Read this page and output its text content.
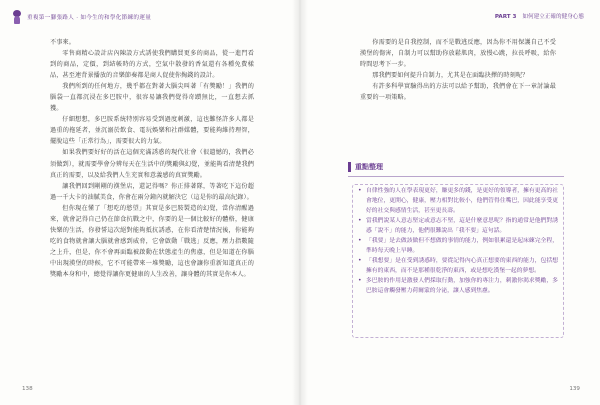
重複第一腳張路人 · 如今生的和學化節練的運量

不事來。

零售商精心設計店內陳設方式誘使我們購買更多的商品，從一進門看到的商品，定價，到結帳時的方式，空氣中散發的香氣還有各種免費樣品，甚至連背景播放的音樂節奏都是商人促使你掏錢的設計。

我們所到的任何地方，幾乎都在對著大腦尖叫著「有獎勵！」我們的腦袋一直都沉浸在多巴胺中，很容易讓我們覺得奇蹟無比，一直想去抓獲。

仔細想想，多巴胺系統特別容易受到過度刺激，這也難怪許多人都是過重的拖延者，並沉溺於飲食、電玩娛樂和社群媒體，要能夠維持理智，擺脫這些「正常行為」，需要很大的力氣。

如果我們要好好的活在這個充滿誘惑的現代社會（很遺憾的，我們必須做到），就需要學會分辨每天在生活中的獎勵與幻覺，並能夠看清楚我們真正的需要，以及給我們人生充實和意義感的真實獎勵。

讓我們回到剛剛的漢堡店，還記得嗎？你正排著隊，等著吃下這份超過一千大卡的油膩美食，你會在兩分鐘內就解決它（這是你的最高紀錄）。

但你現在懂了「想吃的慾望」其實是多巴胺製造的幻覺，當你清醒過來，就會記得自己仍在節食抗戰之中，你要的是一個比較好的體格，健康快樂的生活，你發誓這次絕對能夠抵抗誘惑，在你看清楚情況後，你能夠吃的食物就會讓大腦就會感到威脅，它會啟動「戰逃」反應，壓力指數隨之上升，但是，你不會再面臨被啟動在狀態產生的焦慮，但是知道在你腦中出現漢堡的時候，它不可能帶來一堆獎勵，這也會讓你重新知道真正的獎勵本身和中，總覺得讓你更健康的人生改善，讓身體的其實是你本人。

138	139
PART 3 如何建立正確的健身心態

你需要的是自我控制，而不是戰逃反應，因為你不用保護自己不受漢堡的傷害，自制力可以幫助你放鬆肌肉，放慢心跳，拉長呼吸，給你時間思考下一步。

那我們要如何提升自制力，尤其是在面臨抉擇的時刻呢？

有許多科學實驗得出的方法可以給予幫助，我們會在下一章討論最重要的一項策略。

重點整理
• 自律性強的人在學表現更好，賺更多的錢，是更好的領導者，擁有更高的社會地位，更開心，健康，壓力相對比較小，他們管得住嘴巴，因此能享受更好的社交與感情生活，甚至更長壽。
• 當我們說某人意志堅定或意志不堅，這是什麼意思呢？指的通常是他們對誘惑「說不」的能力，他們很難說出「我不要」這句話。
• 「我要」是去做該做但不想做的事情的能力，例如很累還是起床練完全程，準時每天晚上早睡。
• 「我想要」是在受到誘惑時，要從記得內心真正想要的東西的能力，包括想擁有的東西，而不是那種很乾淨的東西，或是想吃漢堡一起的夢想。
• 多巴胺的作用是激發人們採取行動，加強你的專注力，刺激你渴求獎勵，多巴胺這會觸發壓力荷爾蒙的分泌，讓人感到焦慮。
